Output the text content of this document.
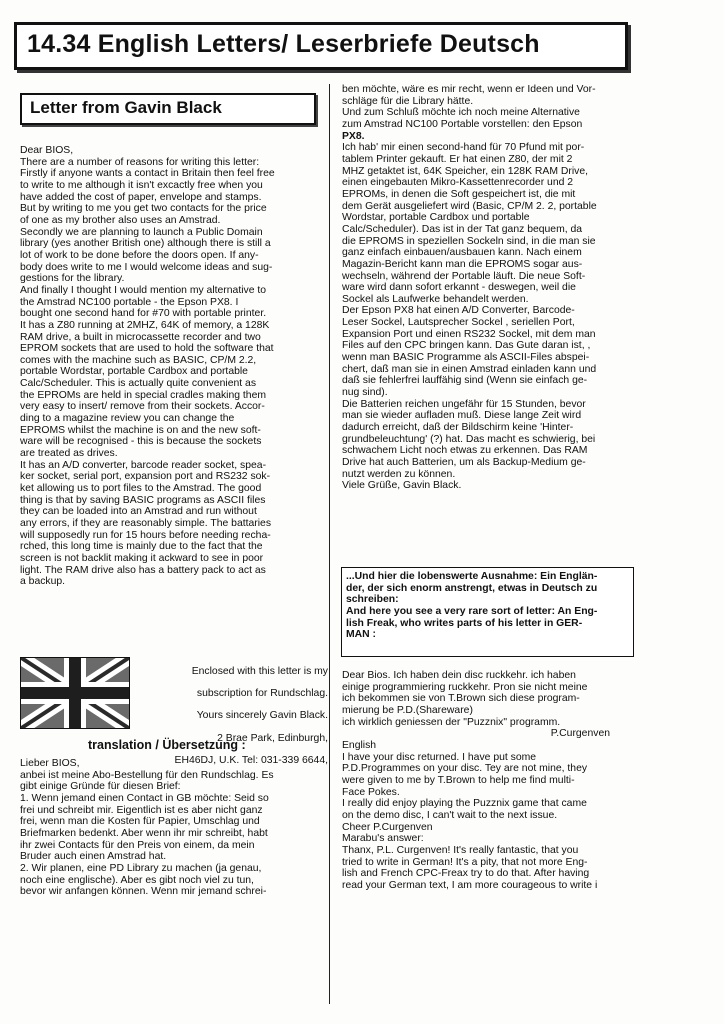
14.34 English Letters/ Leserbriefe Deutsch
Letter from Gavin Black

Dear BIOS,

There are a number of reasons for writing this letter:

Firstly if anyone wants a contact in Britain then feel free

to write to me although it isn't excactly free when you

have added the cost of paper, envelope and stamps.

But by writing to me you get two contacts for the price

of one as my brother also uses an Amstrad.

Secondly we are planning to launch a Public Domain

library (yes another British one) although there is still a

lot of work to be done before the doors open. If any-

body does write to me I would welcome ideas and sug-

gestions for the library.

And finally I thought I would mention my alternative to

the Amstrad NC100 portable - the Epson PX8. I

bought one second hand for #70 with portable printer.

It has a Z80 running at 2MHZ, 64K of memory, a 128K

RAM drive, a built in microcassette recorder and two

EPROM sockets that are used to hold the software that

comes with the machine such as BASIC, CP/M 2.2,

portable Wordstar, portable Cardbox and portable

Calc/Scheduler. This is actually quite convenient as

the EPROMs are held in special cradles making them

very easy to insert/ remove from their sockets. Accor-

ding to a magazine review you can change the

EPROMS whilst the machine is on and the new soft-

ware will be recognised - this is because the sockets

are treated as drives.

It has an A/D converter, barcode reader socket, spea-

ker socket, serial port, expansion port and RS232 sok-

ket allowing us to port files to the Amstrad. The good

thing is that by saving BASIC programs as ASCII files

they can be loaded into an Amstrad and run without

any errors, if they are reasonably simple. The battaries

will supposedly run for 15 hours before needing recha-

rched, this long time is mainly due to the fact that the

screen is not backlit making it ackward to see in poor

light. The RAM drive also has a battery pack to act as

a backup.

Enclosed with this letter is my

subscription for Rundschlag.

Yours sincerely Gavin Black.

2 Brae Park, Edinburgh,

EH46DJ, U.K. Tel: 031-339 6644,

translation / Übersetzung :

Lieber BIOS,

anbei ist meine Abo-Bestellung für den Rundschlag. Es

gibt einige Gründe für diesen Brief:

1. Wenn jemand einen Contact in GB möchte: Seid so

frei und schreibt mir. Eigentlich ist es aber nicht ganz

frei, wenn man die Kosten für Papier, Umschlag und

Briefmarken bedenkt. Aber wenn ihr mir schreibt, habt

ihr zwei Contacts für den Preis von einem, da mein

Bruder auch einen Amstrad hat.

2. Wir planen, eine PD Library zu machen (ja genau,

noch eine englische). Aber es gibt noch viel zu tun,

bevor wir anfangen können. Wenn mir jemand schrei-

ben möchte, wäre es mir recht, wenn er Ideen und Vor-

schläge für die Library hätte.

Und zum Schluß möchte ich noch meine Alternative

zum Amstrad NC100 Portable vorstellen: den Epson

PX8.

Ich hab' mir einen second-hand für 70 Pfund mit por-

tablem Printer gekauft. Er hat einen Z80, der mit 2

MHZ getaktet ist, 64K Speicher, ein 128K RAM Drive,

einen eingebauten Mikro-Kassettenrecorder und 2

EPROMs, in denen die Soft gespeichert ist, die mit

dem Gerät ausgeliefert wird (Basic, CP/M 2. 2, portable

Wordstar, portable Cardbox und portable

Calc/Scheduler). Das ist in der Tat ganz bequem, da

die EPROMS in speziellen Sockeln sind, in die man sie

ganz einfach einbauen/ausbauen kann. Nach einem

Magazin-Bericht kann man die EPROMS sogar aus-

wechseln, während der Portable läuft. Die neue Soft-

ware wird dann sofort erkannt - deswegen, weil die

Sockel als Laufwerke behandelt werden.

Der Epson PX8 hat einen A/D Converter, Barcode-

Leser Sockel, Lautsprecher Sockel , seriellen Port,

Expansion Port und einen RS232 Sockel, mit dem man

Files auf den CPC bringen kann. Das Gute daran ist, ,

wenn man BASIC Programme als ASCII-Files abspei-

chert, daß man sie in einen Amstrad einladen kann und

daß sie fehlerfrei lauffähig sind (Wenn sie einfach ge-

nug sind).

Die Batterien reichen ungefähr für 15 Stunden, bevor

man sie wieder aufladen muß. Diese lange Zeit wird

dadurch erreicht, daß der Bildschirm keine 'Hinter-

grundbeleuchtung' (?) hat. Das macht es schwierig, bei

schwachem Licht noch etwas zu erkennen. Das RAM

Drive hat auch Batterien, um als Backup-Medium ge-

nutzt werden zu können.

Viele Grüße, Gavin Black.

...Und hier die lobenswerte Ausnahme: Ein Englän-

der, der sich enorm anstrengt, etwas in Deutsch zu

schreiben:

And here you see a very rare sort of letter: An Eng-

lish Freak, who writes parts of his letter in GER-

MAN :

Dear Bios. Ich haben dein disc ruckkehr. ich haben

einige programmiering ruckkehr. Pron sie nicht meine

ich bekommen sie von T.Brown sich diese program-

mierung be P.D.(Shareware)

ich wirklich geniessen der "Puzznix" programm.

P.Curgenven

English

I have your disc returned. I have put some

P.D.Programmes on your disc. Tey are not mine, they

were given to me by T.Brown to help me find multi-

Face Pokes.

I really did enjoy playing the Puzznix game that came

on the demo disc, I can't wait to the next issue.

Cheer P.Curgenven

Marabu's answer:

Thanx, P.L. Curgenven! It's really fantastic, that you

tried to write in German! It's a pity, that not more Eng-

lish and French CPC-Freax try to do that. After having

read your German text, I am more courageous to write i
